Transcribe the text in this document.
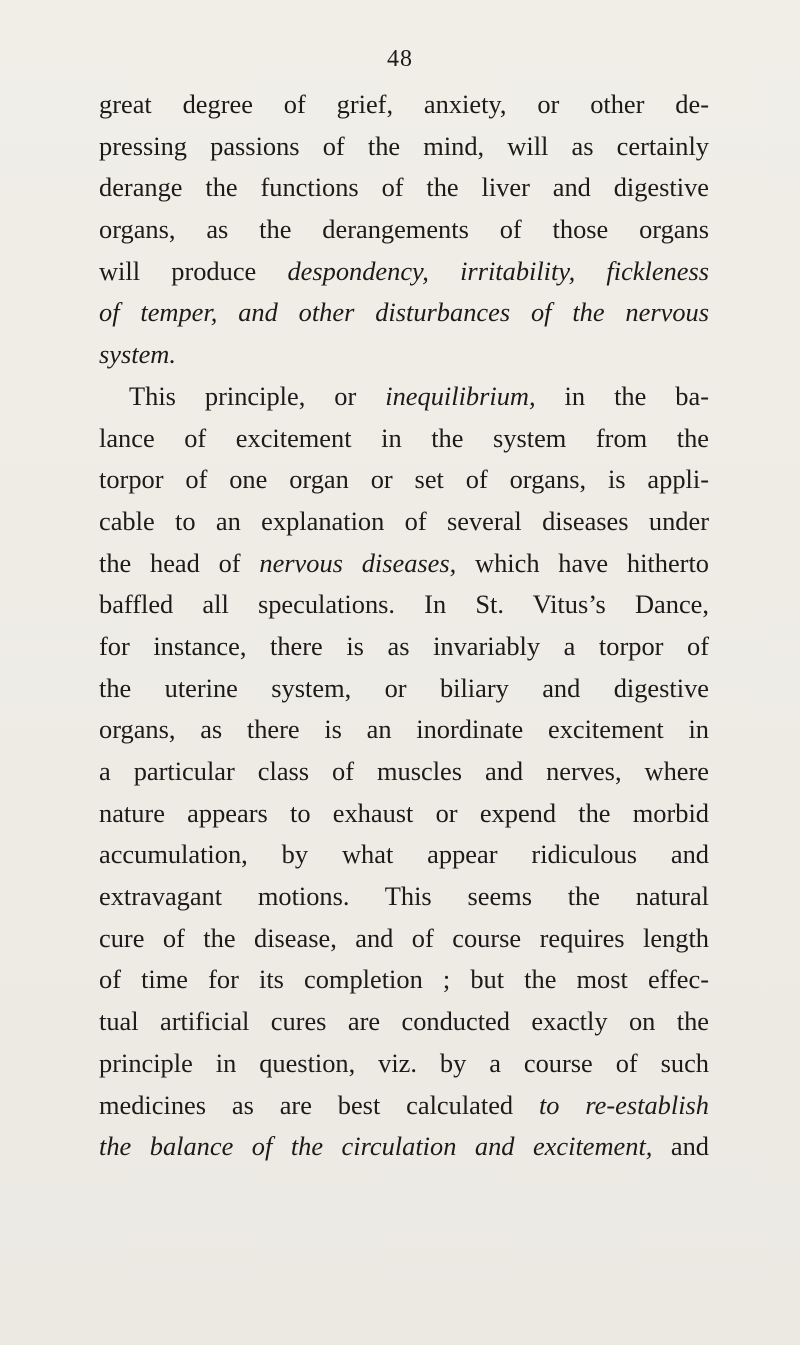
48
great degree of grief, anxiety, or other de-
pressing passions of the mind, will as certainly
derange the functions of the liver and digestive
organs, as the derangements of those organs
will produce despondency, irritability, fickleness
of temper, and other disturbances of the nervous
system.
This principle, or inequilibrium, in the ba-
lance of excitement in the system from the
torpor of one organ or set of organs, is appli-
cable to an explanation of several diseases under
the head of nervous diseases, which have hitherto
baffled all speculations. In St. Vitus’s Dance,
for instance, there is as invariably a torpor of
the uterine system, or biliary and digestive
organs, as there is an inordinate excitement in
a particular class of muscles and nerves, where
nature appears to exhaust or expend the morbid
accumulation, by what appear ridiculous and
extravagant motions. This seems the natural
cure of the disease, and of course requires length
of time for its completion ; but the most effec-
tual artificial cures are conducted exactly on the
principle in question, viz. by a course of such
medicines as are best calculated to re-establish
the balance of the circulation and excitement, and
